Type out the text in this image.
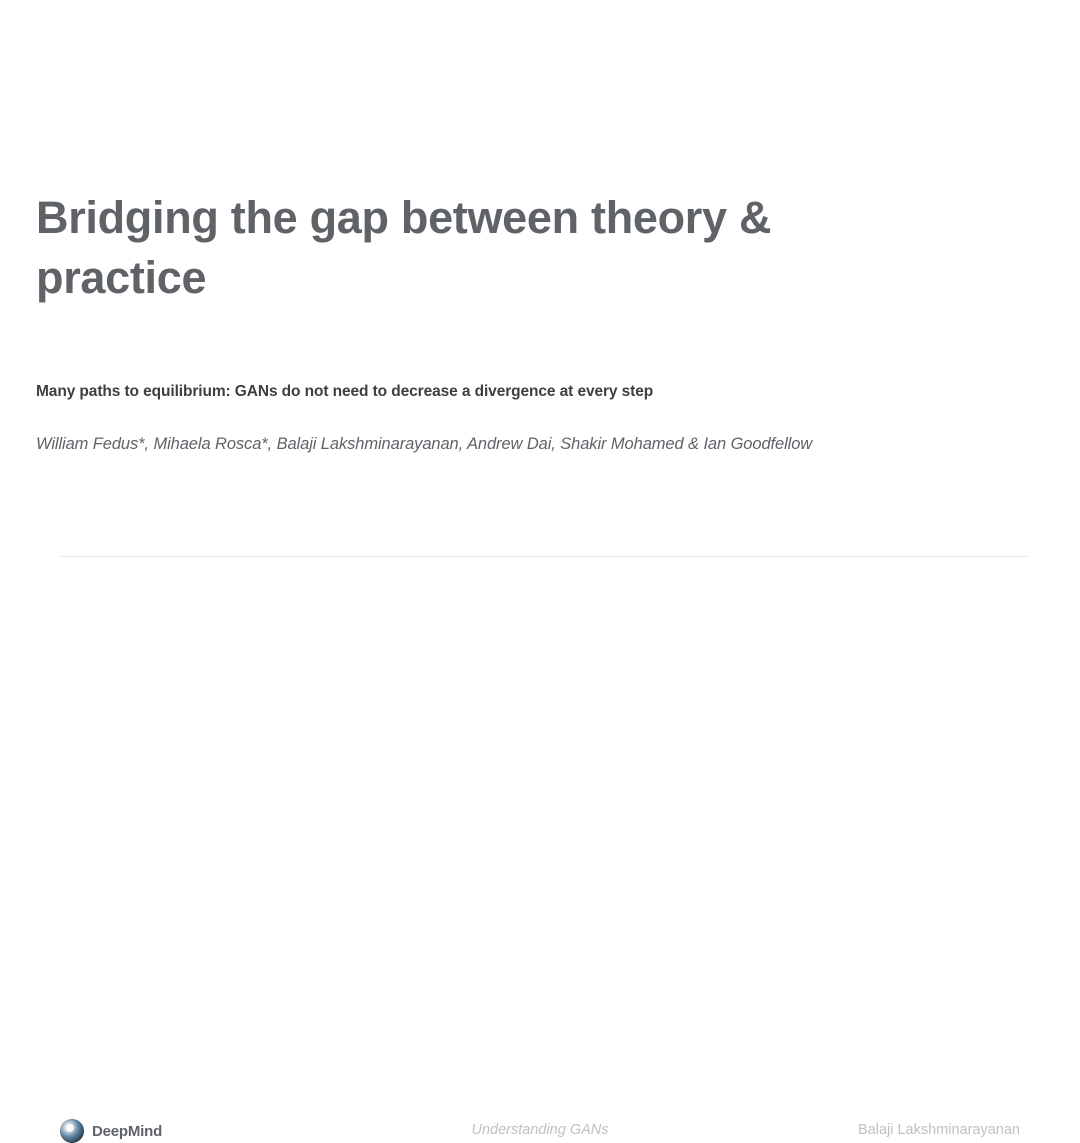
Bridging the gap between theory & practice
Many paths to equilibrium: GANs do not need to decrease a divergence at every step
William Fedus*, Mihaela Rosca*, Balaji Lakshminarayanan, Andrew Dai, Shakir Mohamed & Ian Goodfellow
DeepMind	Understanding GANs	Balaji Lakshminarayanan
